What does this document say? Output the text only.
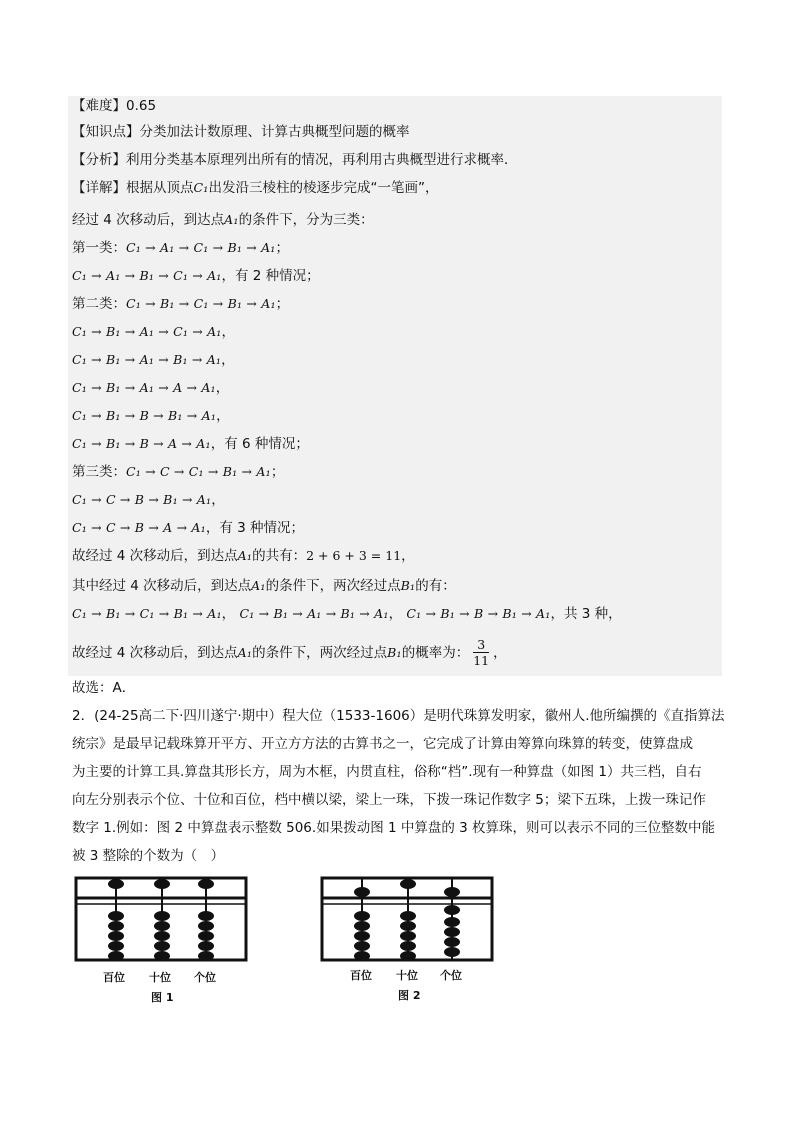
【难度】0.65
【知识点】分类加法计数原理、计算古典概型问题的概率
【分析】利用分类基本原理列出所有的情况，再利用古典概型进行求概率．
【详解】根据从顶点C₁出发沿三棱柱的棱逐步完成“一笔画”，
经过 4 次移动后，到达点A₁的条件下，分为三类：
第一类：C₁ → A₁ → C₁ → B₁ → A₁；
C₁ → A₁ → B₁ → C₁ → A₁，有 2 种情况；
第二类：C₁ → B₁ → C₁ → B₁ → A₁；
C₁ → B₁ → A₁ → C₁ → A₁，
C₁ → B₁ → A₁ → B₁ → A₁，
C₁ → B₁ → A₁ → A → A₁，
C₁ → B₁ → B → B₁ → A₁，
C₁ → B₁ → B → A → A₁，有 6 种情况；
第三类：C₁ → C → C₁ → B₁ → A₁；
C₁ → C → B → B₁ → A₁，
C₁ → C → B → A → A₁，有 3 种情况；
故经过 4 次移动后，到达点A₁的共有：2 + 6 + 3 = 11，
其中经过 4 次移动后，到达点A₁的条件下，两次经过点B₁的有：
C₁ → B₁ → C₁ → B₁ → A₁， C₁ → B₁ → A₁ → B₁ → A₁， C₁ → B₁ → B → B₁ → A₁，共 3 种，
故经过 4 次移动后，到达点A₁的条件下，两次经过点B₁的概率为： $\frac{3}{11}$ ，
故选：A．
2．(24-25高二下·四川遂宁·期中）程大位（1533-1606）是明代珠算发明家，徽州人.他所编撰的《直指算法
统宗》是最早记载珠算开平方、开立方方法的古算书之一，它完成了计算由筹算向珠算的转变，使算盘成
为主要的计算工具.算盘其形长方，周为木框，内贯直柱，俗称“档”.现有一种算盘（如图 1）共三档，自右
向左分别表示个位、十位和百位，档中横以梁，梁上一珠，下拨一珠记作数字 5；梁下五珠，上拨一珠记作
数字 1.例如：图 2 中算盘表示整数 506.如果拨动图 1 中算盘的 3 枚算珠，则可以表示不同的三位整数中能
被 3 整除的个数为（　）
百位 十位 个位
图 1
百位 十位 个位
图 2
